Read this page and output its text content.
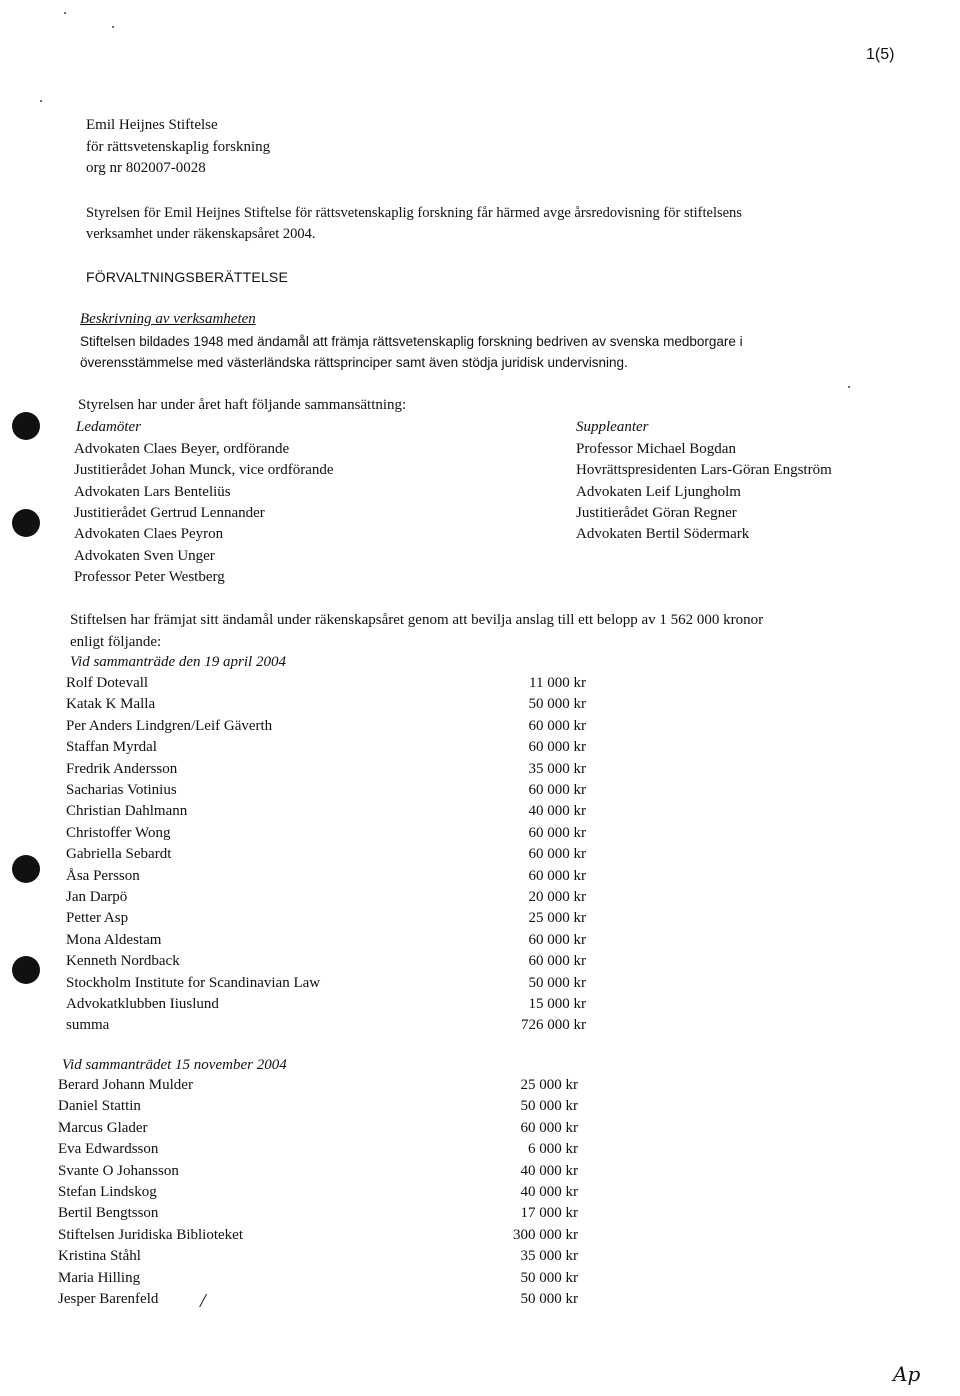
1(5)
Emil Heijnes Stiftelse
för rättsvetenskaplig forskning
org nr 802007-0028
Styrelsen för Emil Heijnes Stiftelse för rättsvetenskaplig forskning får härmed avge årsredovisning för stiftelsens
verksamhet under räkenskapsåret 2004.
FÖRVALTNINGSBERÄTTELSE
Beskrivning av verksamheten
Stiftelsen bildades 1948 med ändamål att främja rättsvetenskaplig forskning bedriven av svenska medborgare i
överensstämmelse med västerländska rättsprinciper samt även stödja juridisk undervisning.
Styrelsen har under året haft följande sammansättning:
Ledamöter
Advokaten Claes Beyer, ordförande
Justitierådet Johan Munck, vice ordförande
Advokaten Lars Benteliüs
Justitierådet Gertrud Lennander
Advokaten Claes Peyron
Advokaten Sven Unger
Professor Peter Westberg
Suppleanter
Professor Michael Bogdan
Hovrättspresidenten Lars-Göran Engström
Advokaten Leif Ljungholm
Justitierådet Göran Regner
Advokaten Bertil Södermark
Stiftelsen har främjat sitt ändamål under räkenskapsåret genom att bevilja anslag till ett belopp av 1 562 000 kronor
enligt följande:
Vid sammanträde den 19 april 2004
Rolf Dotevall	11 000 kr
Katak K Malla	50 000 kr
Per Anders Lindgren/Leif Gäverth	60 000 kr
Staffan Myrdal	60 000 kr
Fredrik Andersson	35 000 kr
Sacharias Votinius	60 000 kr
Christian Dahlmann	40 000 kr
Christoffer Wong	60 000 kr
Gabriella Sebardt	60 000 kr
Åsa Persson	60 000 kr
Jan Darpö	20 000 kr
Petter Asp	25 000 kr
Mona Aldestam	60 000 kr
Kenneth Nordback	60 000 kr
Stockholm Institute for Scandinavian Law	50 000 kr
Advokatklubben Iiuslund	15 000 kr
summa	726 000 kr
Vid sammanträdet 15 november 2004
Berard Johann Mulder	25 000 kr
Daniel Stattin	50 000 kr
Marcus Glader	60 000 kr
Eva Edwardsson	6 000 kr
Svante O Johansson	40 000 kr
Stefan Lindskog	40 000 kr
Bertil Bengtsson	17 000 kr
Stiftelsen Juridiska Biblioteket	300 000 kr
Kristina Ståhl	35 000 kr
Maria Hilling	50 000 kr
Jesper Barenfeld	50 000 kr
/
Ap
